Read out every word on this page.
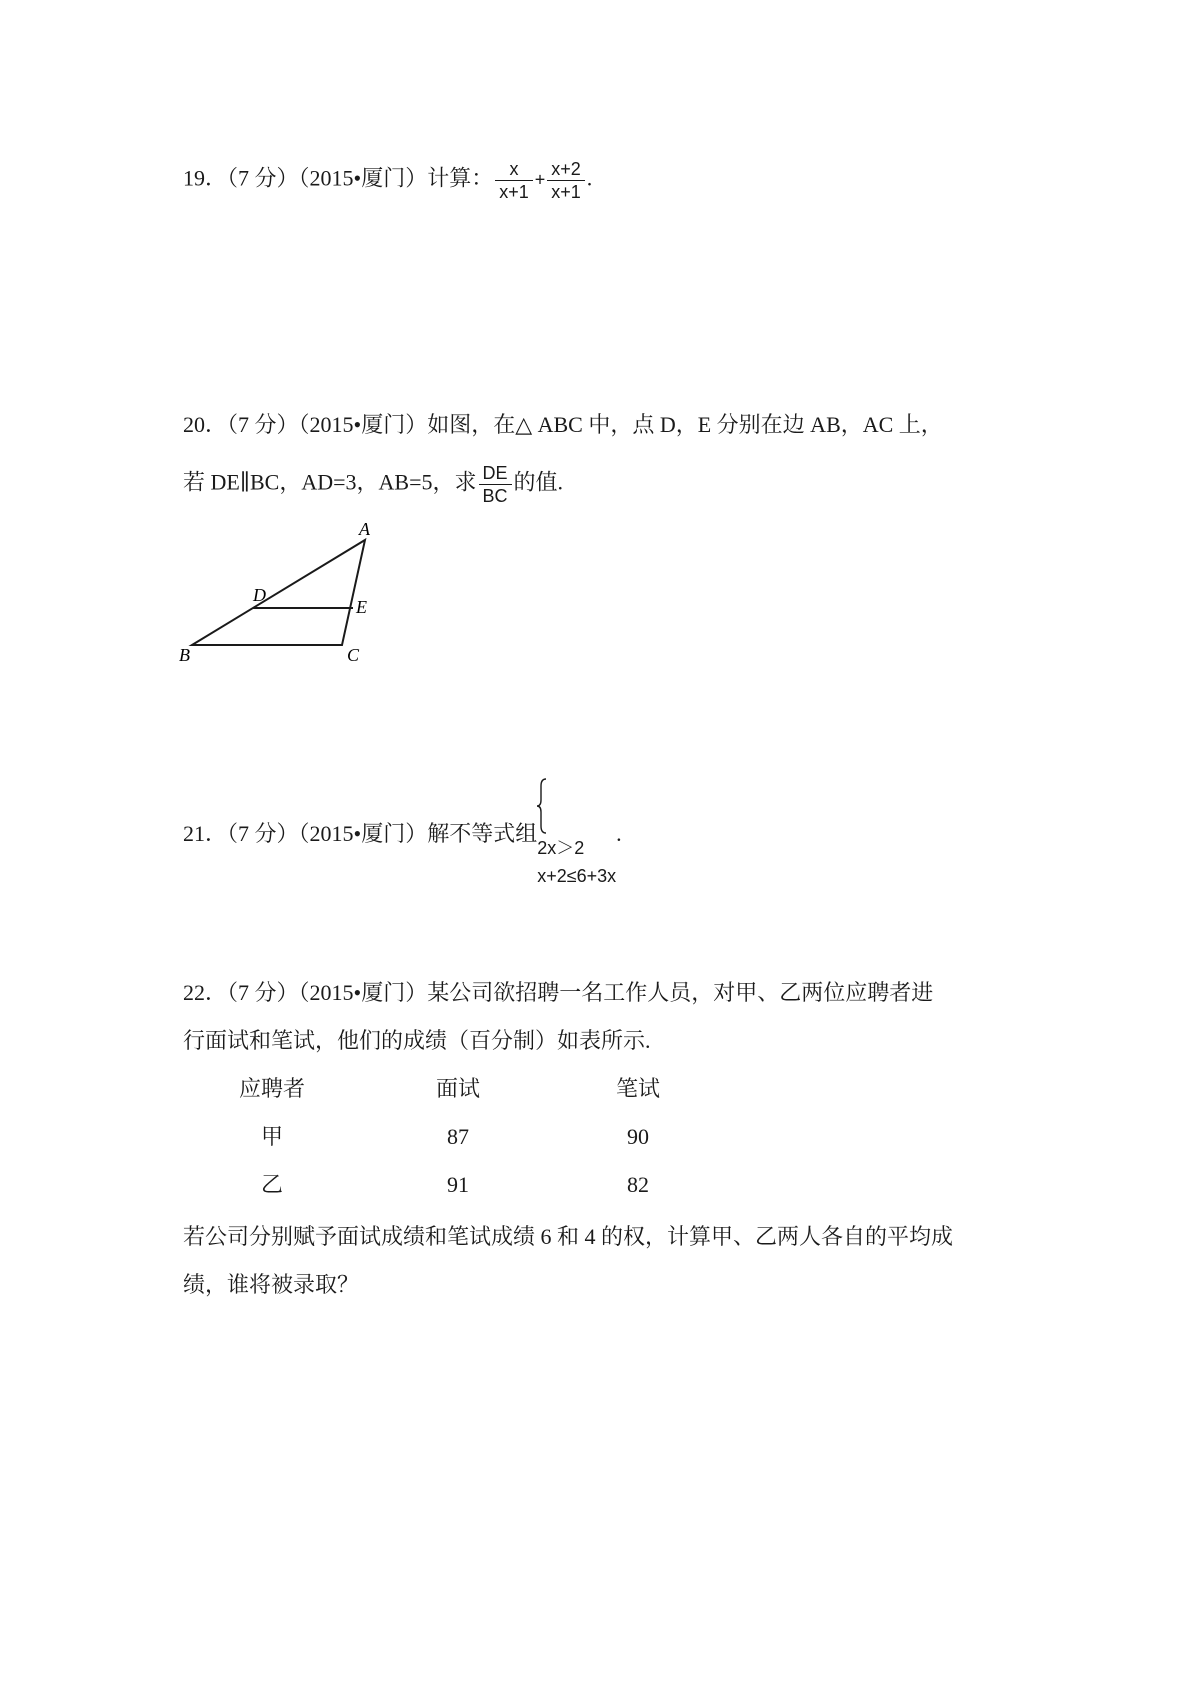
19．（7 分）（2015•厦门）计算： $\frac{x}{x+1} + \frac{x+2}{x+1}$ .
20．（7 分）（2015•厦门）如图，在△ ABC 中，点 D，E 分别在边 AB，AC 上，
若 DE∥BC，AD=3，AB=5，求 $\frac{DE}{BC}$ 的值.
A
B	C
D
E
21．（7 分）（2015•厦门）解不等式组
2x＞2
x+2≤6+3x
.
22．（7 分）（2015•厦门）某公司欲招聘一名工作人员，对甲、乙两位应聘者进
行面试和笔试，他们的成绩（百分制）如表所示.
应聘者	面试	笔试
甲	87	90
乙	91	82
若公司分别赋予面试成绩和笔试成绩 6 和 4 的权，计算甲、乙两人各自的平均成
绩，谁将被录取？
